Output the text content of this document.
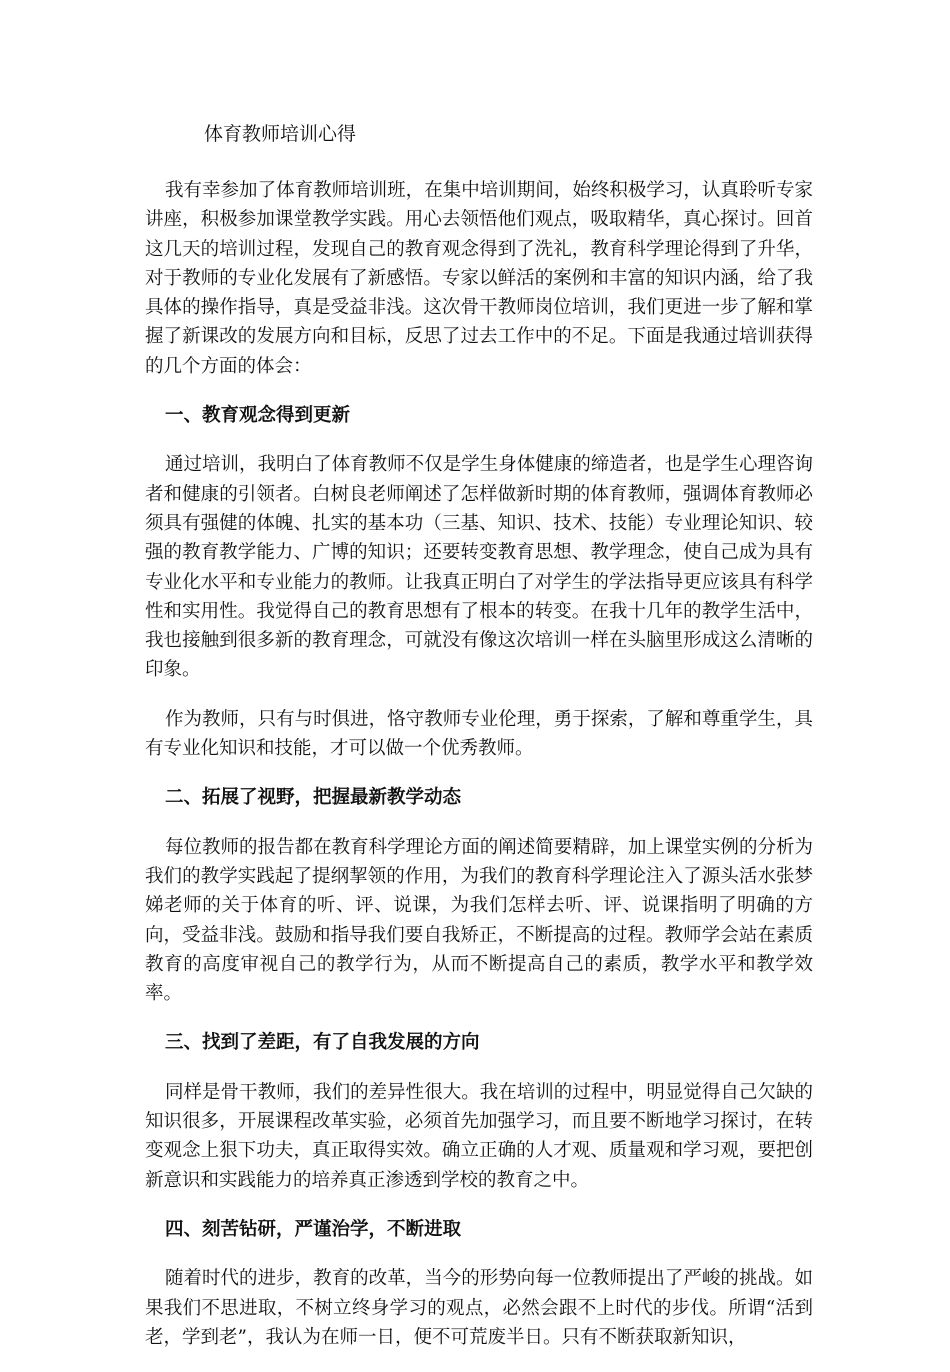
体育教师培训心得

我有幸参加了体育教师培训班，在集中培训期间，始终积极学习，认真聆听专家讲座，积极参加课堂教学实践。用心去领悟他们观点，吸取精华，真心探讨。回首这几天的培训过程，发现自己的教育观念得到了洗礼，教育科学理论得到了升华，对于教师的专业化发展有了新感悟。专家以鲜活的案例和丰富的知识内涵，给了我具体的操作指导，真是受益非浅。这次骨干教师岗位培训，我们更进一步了解和掌握了新课改的发展方向和目标，反思了过去工作中的不足。下面是我通过培训获得的几个方面的体会：

一、教育观念得到更新

通过培训，我明白了体育教师不仅是学生身体健康的缔造者，也是学生心理咨询者和健康的引领者。白树良老师阐述了怎样做新时期的体育教师，强调体育教师必须具有强健的体魄、扎实的基本功（三基、知识、技术、技能）专业理论知识、较强的教育教学能力、广博的知识；还要转变教育思想、教学理念，使自己成为具有专业化水平和专业能力的教师。让我真正明白了对学生的学法指导更应该具有科学性和实用性。我觉得自己的教育思想有了根本的转变。在我十几年的教学生活中，我也接触到很多新的教育理念，可就没有像这次培训一样在头脑里形成这么清晰的印象。

作为教师，只有与时俱进，恪守教师专业伦理，勇于探索，了解和尊重学生，具有专业化知识和技能，才可以做一个优秀教师。

二、拓展了视野，把握最新教学动态

每位教师的报告都在教育科学理论方面的阐述简要精辟，加上课堂实例的分析为我们的教学实践起了提纲挈领的作用，为我们的教育科学理论注入了源头活水张梦娣老师的关于体育的听、评、说课，为我们怎样去听、评、说课指明了明确的方向，受益非浅。鼓励和指导我们要自我矫正，不断提高的过程。教师学会站在素质教育的高度审视自己的教学行为，从而不断提高自己的素质，教学水平和教学效率。

三、找到了差距，有了自我发展的方向

同样是骨干教师，我们的差异性很大。我在培训的过程中，明显觉得自己欠缺的知识很多，开展课程改革实验，必须首先加强学习，而且要不断地学习探讨，在转变观念上狠下功夫，真正取得实效。确立正确的人才观、质量观和学习观，要把创新意识和实践能力的培养真正渗透到学校的教育之中。

四、刻苦钻研，严谨治学，不断进取

随着时代的进步，教育的改革，当今的形势向每一位教师提出了严峻的挑战。如果我们不思进取，不树立终身学习的观点，必然会跟不上时代的步伐。所谓“活到老，学到老”，我认为在师一日，便不可荒废半日。只有不断获取新知识，
